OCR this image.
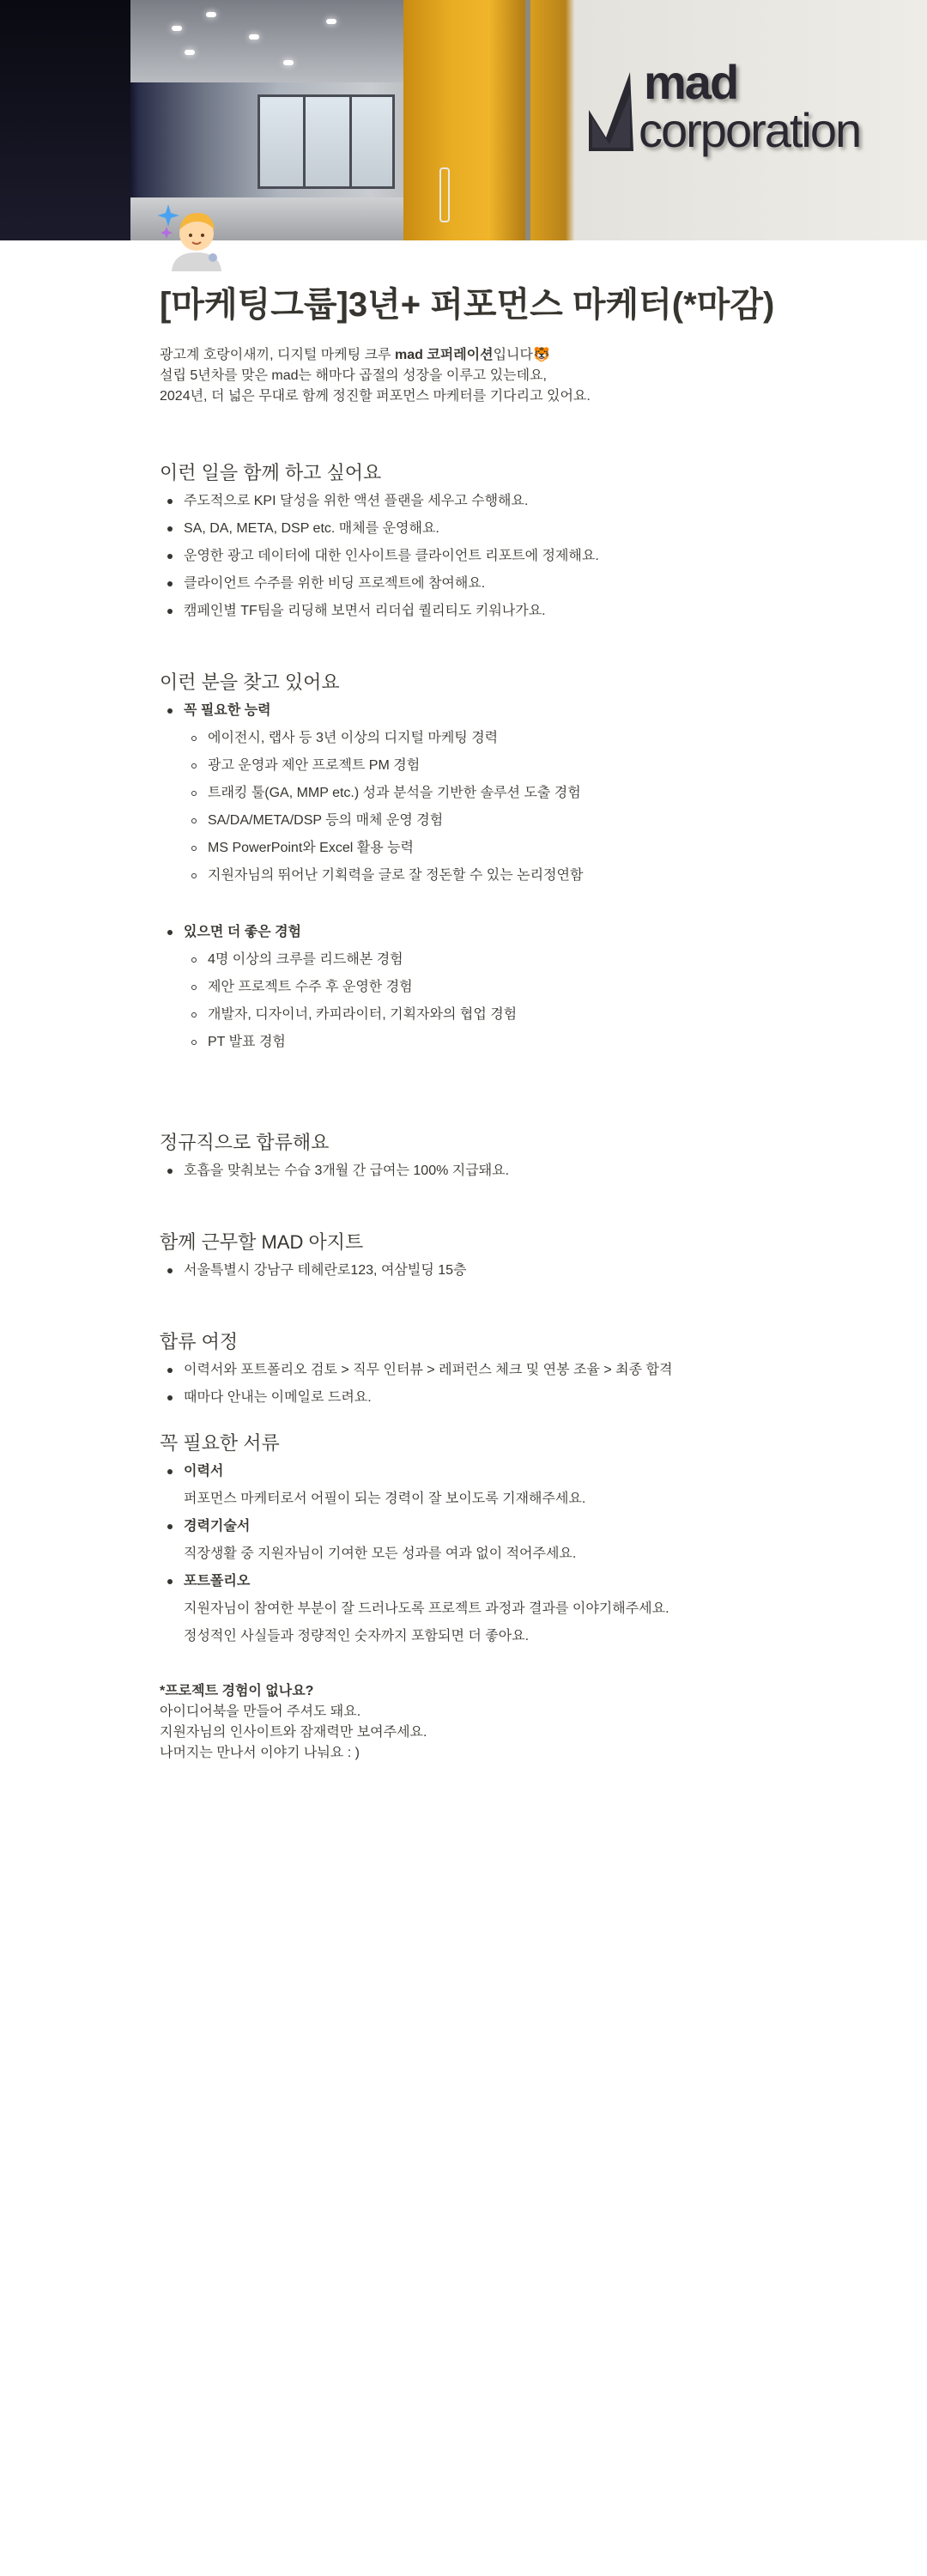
mad
corporation
[마케팅그룹]3년+ 퍼포먼스 마케터(*마감)

광고계 호랑이새끼, 디지털 마케팅 크루 mad 코퍼레이션입니다🐯

설립 5년차를 맞은 mad는 해마다 곱절의 성장을 이루고 있는데요,

2024년, 더 넓은 무대로 함께 정진할 퍼포먼스 마케터를 기다리고 있어요.

이런 일을 함께 하고 싶어요
주도적으로 KPI 달성을 위한 액션 플랜을 세우고 수행해요.
SA, DA, META, DSP etc. 매체를 운영해요.
운영한 광고 데이터에 대한 인사이트를 클라이언트 리포트에 정제해요.
클라이언트 수주를 위한 비딩 프로젝트에 참여해요.
캠페인별 TF팀을 리딩해 보면서 리더쉽 퀄리티도 키워나가요.
이런 분을 찾고 있어요
꼭 필요한 능력
에이전시, 랩사 등 3년 이상의 디지털 마케팅 경력
광고 운영과 제안 프로젝트 PM 경험
트래킹 툴(GA, MMP etc.) 성과 분석을 기반한 솔루션 도출 경험
SA/DA/META/DSP 등의 매체 운영 경험
MS PowerPoint와 Excel 활용 능력
지원자님의 뛰어난 기획력을 글로 잘 정돈할 수 있는 논리정연함
있으면 더 좋은 경험
4명 이상의 크루를 리드해본 경험
제안 프로젝트 수주 후 운영한 경험
개발자, 디자이너, 카피라이터, 기획자와의 협업 경험
PT 발표 경험
정규직으로 합류해요
호흡을 맞춰보는 수습 3개월 간 급여는 100% 지급돼요.
함께 근무할 MAD 아지트
서울특별시 강남구 테헤란로123, 여삼빌딩 15층
합류 여정
이력서와 포트폴리오 검토 > 직무 인터뷰 > 레퍼런스 체크 및 연봉 조율 > 최종 합격
때마다 안내는 이메일로 드려요.
꼭 필요한 서류
이력서
퍼포먼스 마케터로서 어필이 되는 경력이 잘 보이도록 기재해주세요.
경력기술서
직장생활 중 지원자님이 기여한 모든 성과를 여과 없이 적어주세요.
포트폴리오
지원자님이 참여한 부분이 잘 드러나도록 프로젝트 과정과 결과를 이야기해주세요.
정성적인 사실들과 정량적인 숫자까지 포함되면 더 좋아요.

*프로젝트 경험이 없나요?

아이디어북을 만들어 주셔도 돼요.

지원자님의 인사이트와 잠재력만 보여주세요.

나머지는 만나서 이야기 나눠요 : )
